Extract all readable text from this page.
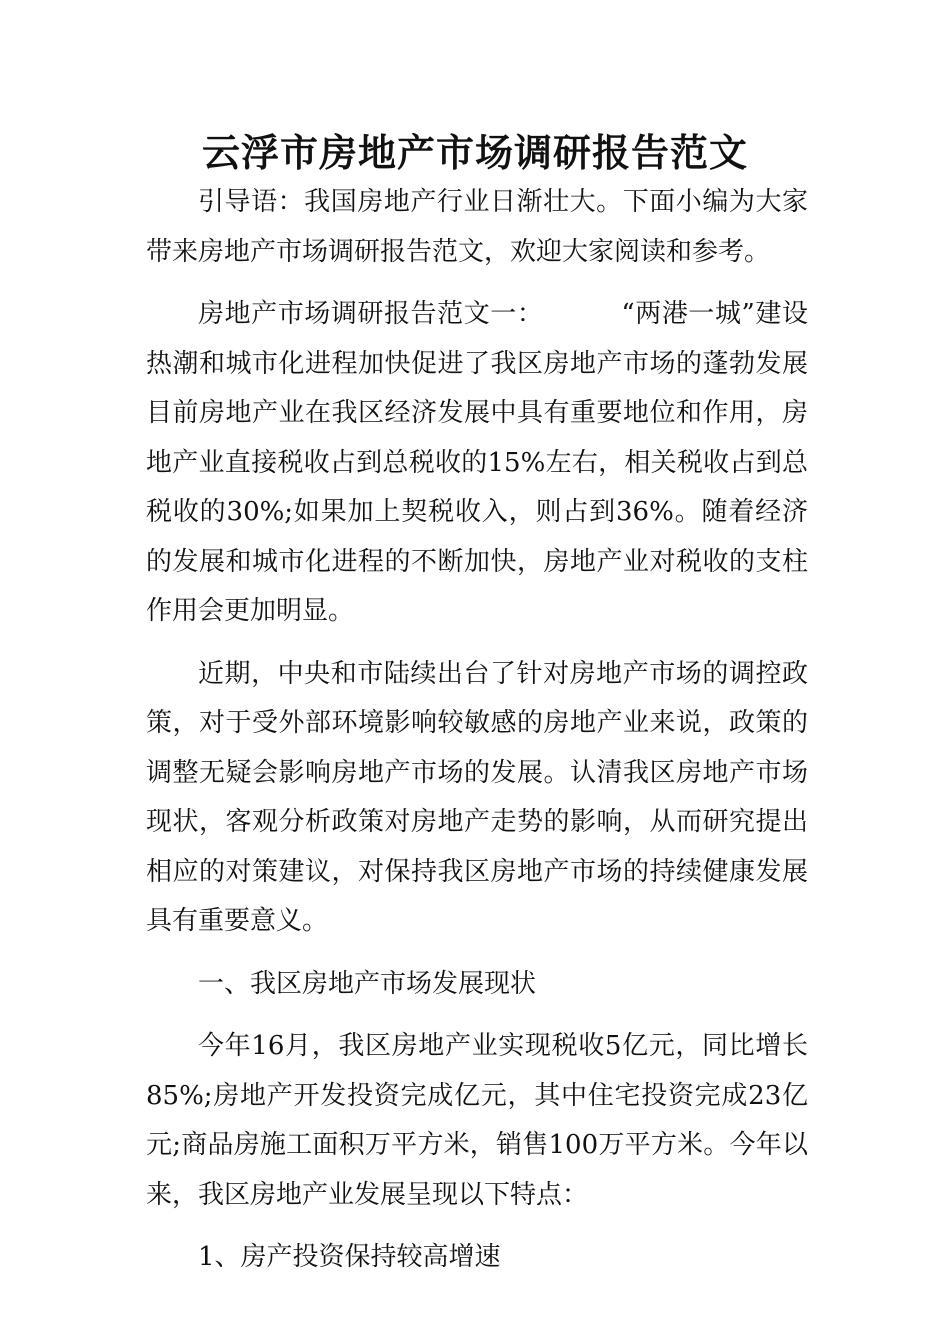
云浮市房地产市场调研报告范文

引导语：我国房地产行业日渐壮大。下面小编为大家带来房地产市场调研报告范文，欢迎大家阅读和参考。

房地产市场调研报告范文一：	“两港一城”建设热潮和城市化进程加快促进了我区房地产市场的蓬勃发展目前房地产业在我区经济发展中具有重要地位和作用，房地产业直接税收占到总税收的15%左右，相关税收占到总税收的30%;如果加上契税收入，则占到36%。随着经济的发展和城市化进程的不断加快，房地产业对税收的支柱作用会更加明显。

近期，中央和市陆续出台了针对房地产市场的调控政策，对于受外部环境影响较敏感的房地产业来说，政策的调整无疑会影响房地产市场的发展。认清我区房地产市场现状，客观分析政策对房地产走势的影响，从而研究提出相应的对策建议，对保持我区房地产市场的持续健康发展具有重要意义。

一、我区房地产市场发展现状

今年16月，我区房地产业实现税收5亿元，同比增长85%;房地产开发投资完成亿元，其中住宅投资完成23亿元;商品房施工面积万平方米，销售100万平方米。今年以来，我区房地产业发展呈现以下特点：

1、房产投资保持较高增速
